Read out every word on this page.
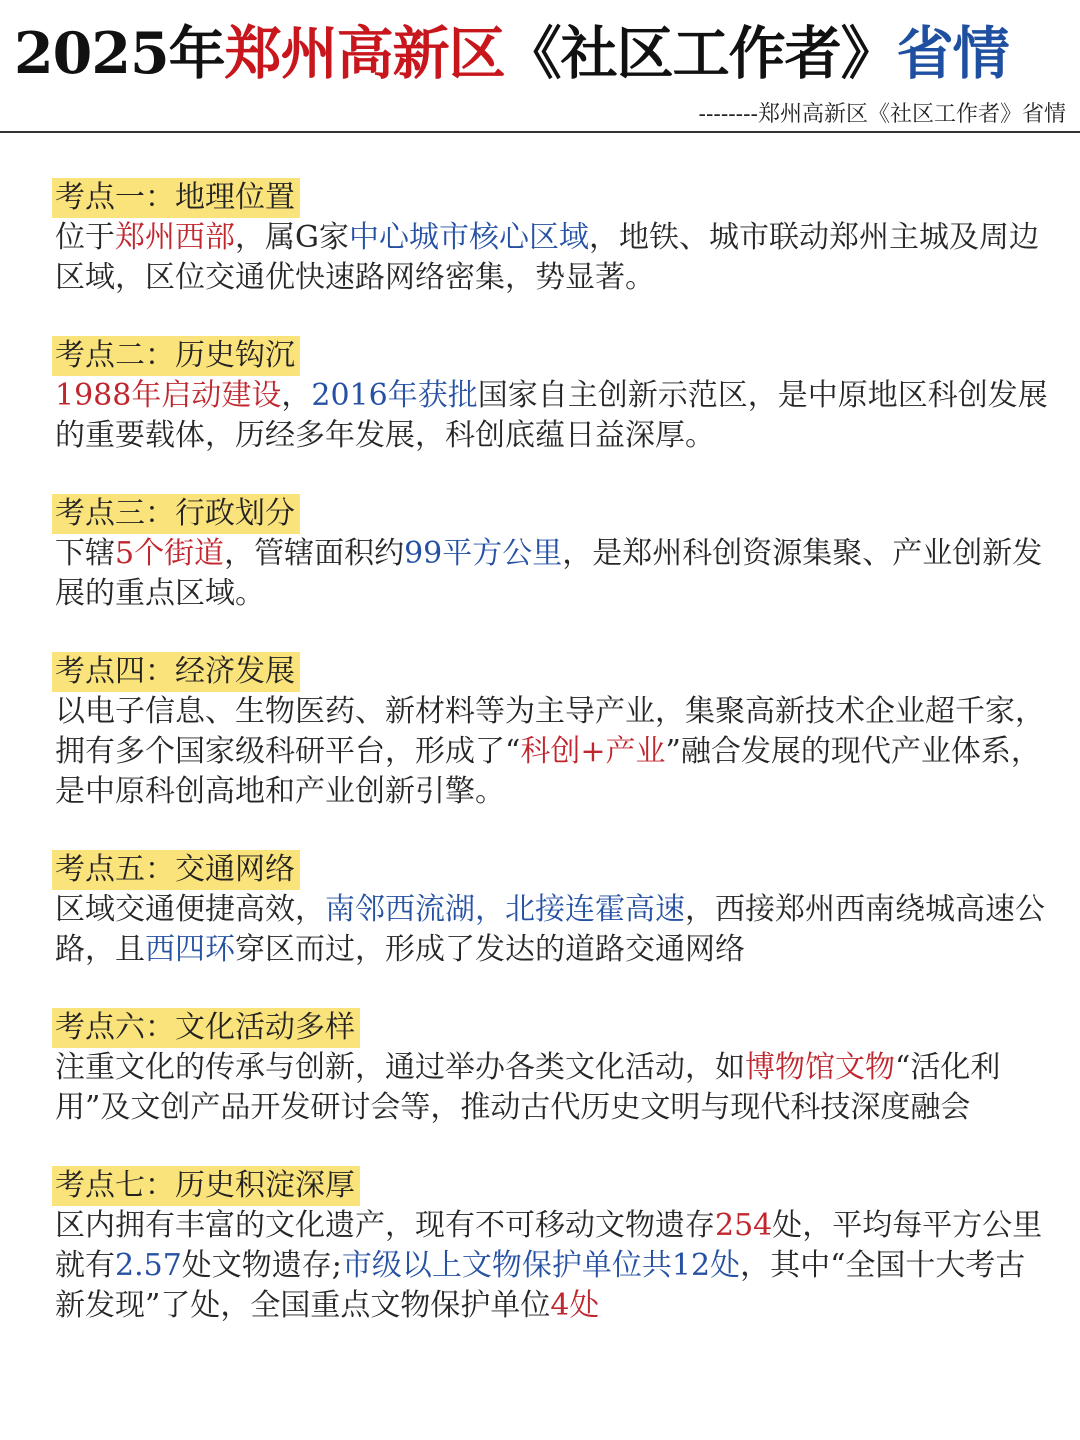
2025年郑州高新区《社区工作者》省情
--------郑州高新区《社区工作者》省情
考点一：地理位置
位于郑州西部，属G家中心城市核心区域，地铁、城市联动郑州主城及周边区域，区位交通优快速路网络密集，势显著。
考点二：历史钩沉
1988年启动建设，2016年获批国家自主创新示范区，是中原地区科创发展的重要载体，历经多年发展，科创底蕴日益深厚。
考点三：行政划分
下辖5个街道，管辖面积约99平方公里，是郑州科创资源集聚、产业创新发展的重点区域。
考点四：经济发展
以电子信息、生物医药、新材料等为主导产业，集聚高新技术企业超千家，拥有多个国家级科研平台，形成了“科创+产业”融合发展的现代产业体系，是中原科创高地和产业创新引擎。
考点五：交通网络
区域交通便捷高效，南邻西流湖，北接连霍高速，西接郑州西南绕城高速公路，且西四环穿区而过，形成了发达的道路交通网络
考点六：文化活动多样
注重文化的传承与创新，通过举办各类文化活动，如博物馆文物“活化利用”及文创产品开发研讨会等，推动古代历史文明与现代科技深度融会
考点七：历史积淀深厚
区内拥有丰富的文化遗产，现有不可移动文物遗存254处，平均每平方公里就有2.57处文物遗存;市级以上文物保护单位共12处，其中“全国十大考古新发现”了处，全国重点文物保护单位4处
